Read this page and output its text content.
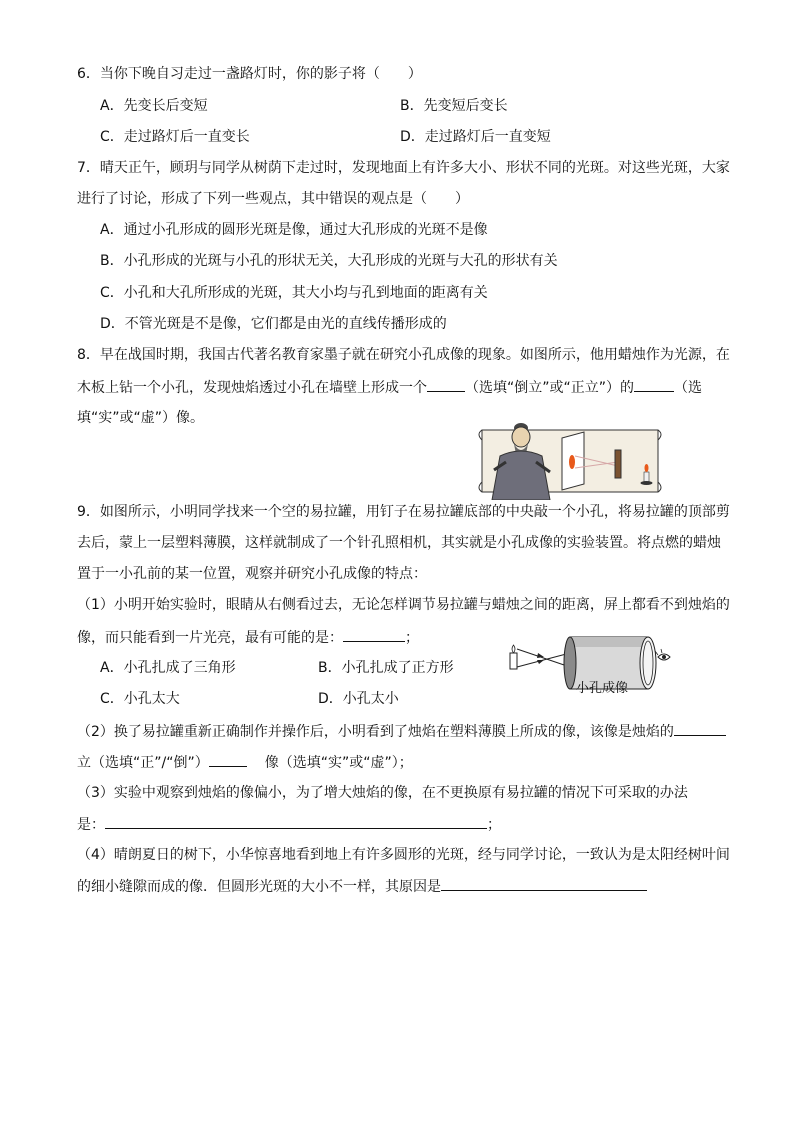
6．当你下晚自习走过一盏路灯时，你的影子将（　　）
A．先变长后变短	B．先变短后变长
C．走过路灯后一直变长	D．走过路灯后一直变短
7．晴天正午，顾玥与同学从树荫下走过时，发现地面上有许多大小、形状不同的光斑。对这些光斑，大家
进行了讨论，形成了下列一些观点，其中错误的观点是（　　）
A．通过小孔形成的圆形光斑是像，通过大孔形成的光斑不是像
B．小孔形成的光斑与小孔的形状无关，大孔形成的光斑与大孔的形状有关
C．小孔和大孔所形成的光斑，其大小均与孔到地面的距离有关
D．不管光斑是不是像，它们都是由光的直线传播形成的
8．早在战国时期，我国古代著名教育家墨子就在研究小孔成像的现象。如图所示，他用蜡烛作为光源，在
木板上钻一个小孔，发现烛焰透过小孔在墙壁上形成一个	（选填“倒立”或“正立”）的	（选
填“实”或“虚”）像。
9．如图所示，小明同学找来一个空的易拉罐，用钉子在易拉罐底部的中央敲一个小孔，将易拉罐的顶部剪
去后，蒙上一层塑料薄膜，这样就制成了一个针孔照相机，其实就是小孔成像的实验装置。将点燃的蜡烛
置于一小孔前的某一位置，观察并研究小孔成像的特点：
（1）小明开始实验时，眼睛从右侧看过去，无论怎样调节易拉罐与蜡烛之间的距离，屏上都看不到烛焰的
像，而只能看到一片光亮，最有可能的是：	；
A．小孔扎成了三角形	B．小孔扎成了正方形
C．小孔太大	D．小孔太小
小孔成像
（2）换了易拉罐重新正确制作并操作后，小明看到了烛焰在塑料薄膜上所成的像，该像是烛焰的
立（选填“正”/“倒”）	像（选填“实”或“虚”）；
（3）实验中观察到烛焰的像偏小，为了增大烛焰的像，在不更换原有易拉罐的情况下可采取的办法
是：	；
（4）晴朗夏日的树下，小华惊喜地看到地上有许多圆形的光斑，经与同学讨论，一致认为是太阳经树叶间
的细小缝隙而成的像．但圆形光斑的大小不一样，其原因是
